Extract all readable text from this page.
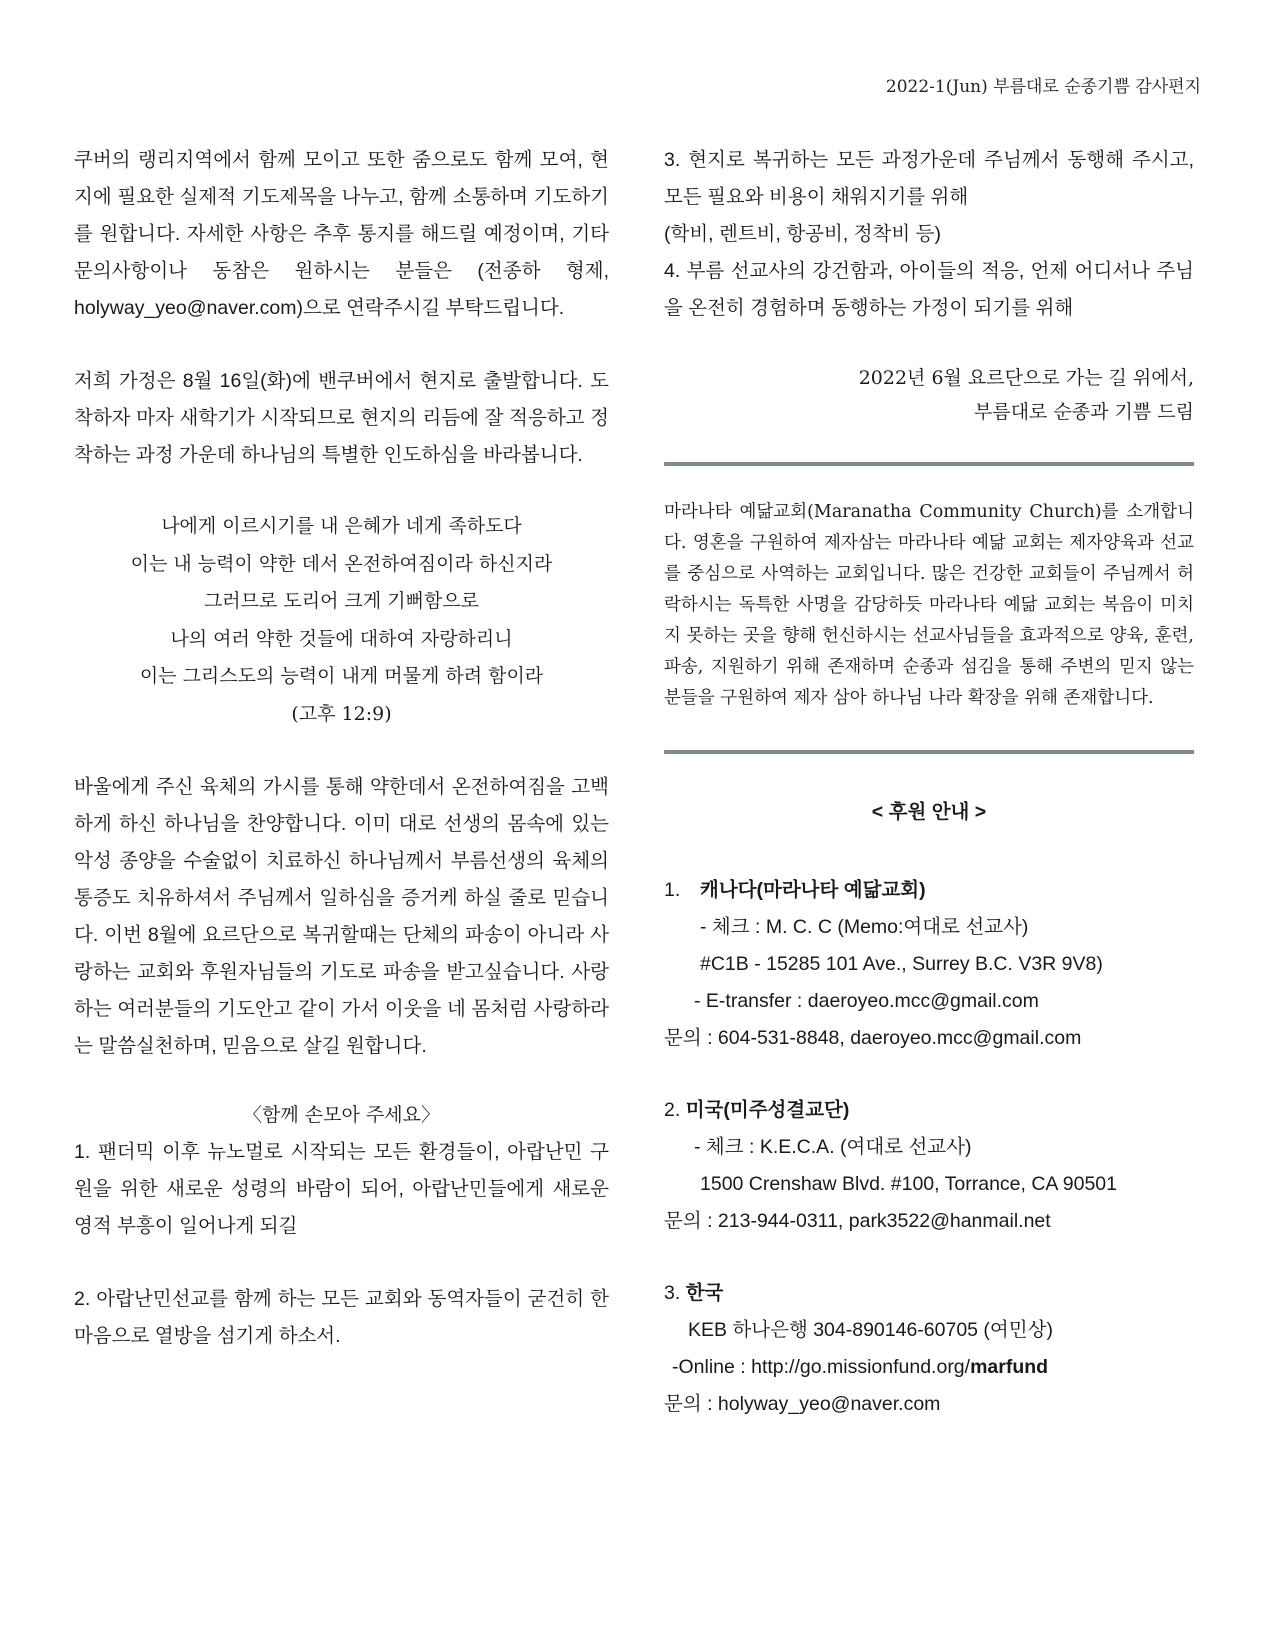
2022-1(Jun) 부름대로 순종기쁨 감사편지

쿠버의 랭리지역에서 함께 모이고 또한 줌으로도 함께 모여, 현지에 필요한 실제적 기도제목을 나누고, 함께 소통하며 기도하기를 원합니다. 자세한 사항은 추후 통지를 해드릴 예정이며, 기타 문의사항이나 동참은 원하시는 분들은 (전종하 형제, holyway_yeo@naver.com)으로 연락주시길 부탁드립니다.

저희 가정은 8월 16일(화)에 밴쿠버에서 현지로 출발합니다. 도착하자 마자 새학기가 시작되므로 현지의 리듬에 잘 적응하고 정착하는 과정 가운데 하나님의 특별한 인도하심을 바라봅니다.

나에게 이르시기를 내 은혜가 네게 족하도다

이는 내 능력이 약한 데서 온전하여짐이라 하신지라

그러므로 도리어 크게 기뻐함으로

나의 여러 약한 것들에 대하여 자랑하리니

이는 그리스도의 능력이 내게 머물게 하려 함이라

(고후 12:9)

바울에게 주신 육체의 가시를 통해 약한데서 온전하여짐을 고백하게 하신 하나님을 찬양합니다. 이미 대로 선생의 몸속에 있는 악성 종양을 수술없이 치료하신 하나님께서 부름선생의 육체의 통증도 치유하셔서 주님께서 일하심을 증거케 하실 줄로 믿습니다. 이번 8월에 요르단으로 복귀할때는 단체의 파송이 아니라 사랑하는 교회와 후원자님들의 기도로 파송을 받고싶습니다. 사랑하는 여러분들의 기도안고 같이 가서 이웃을 네 몸처럼 사랑하라는 말씀실천하며, 믿음으로 살길 원합니다.

〈함께 손모아 주세요〉

1. 팬더믹 이후 뉴노멀로 시작되는 모든 환경들이, 아랍난민 구원을 위한 새로운 성령의 바람이 되어, 아랍난민들에게 새로운 영적 부흥이 일어나게 되길

2. 아랍난민선교를 함께 하는 모든 교회와 동역자들이 굳건히 한마음으로 열방을 섬기게 하소서.

3. 현지로 복귀하는 모든 과정가운데 주님께서 동행해 주시고, 모든 필요와 비용이 채워지기를 위해

(학비, 렌트비, 항공비, 정착비 등)

4. 부름 선교사의 강건함과, 아이들의 적응, 언제 어디서나 주님을 온전히 경험하며 동행하는 가정이 되기를 위해

2022년 6월 요르단으로 가는 길 위에서,

부름대로 순종과 기쁨 드림

마라나타 예닮교회(Maranatha Community Church)를 소개합니다. 영혼을 구원하여 제자삼는 마라나타 예닮 교회는 제자양육과 선교를 중심으로 사역하는 교회입니다. 많은 건강한 교회들이 주님께서 허락하시는 독특한 사명을 감당하듯 마라나타 예닮 교회는 복음이 미치지 못하는 곳을 향해 헌신하시는 선교사님들을 효과적으로 양육, 훈련, 파송, 지원하기 위해 존재하며 순종과 섬김을 통해 주변의 믿지 않는 분들을 구원하여 제자 삼아 하나님 나라 확장을 위해 존재합니다.

< 후원 안내 >

1. 캐나다(마라나타 예닮교회)

- 체크 : M. C. C (Memo:여대로 선교사)

#C1B - 15285 101 Ave., Surrey B.C. V3R 9V8)

- E-transfer : daeroyeo.mcc@gmail.com

문의 : 604-531-8848, daeroyeo.mcc@gmail.com

2. 미국(미주성결교단)

- 체크 : K.E.C.A. (여대로 선교사)

1500 Crenshaw Blvd. #100, Torrance, CA 90501

문의 : 213-944-0311, park3522@hanmail.net

3. 한국

KEB 하나은행 304-890146-60705 (여민상)

-Online : http://go.missionfund.org/marfund

문의 : holyway_yeo@naver.com
